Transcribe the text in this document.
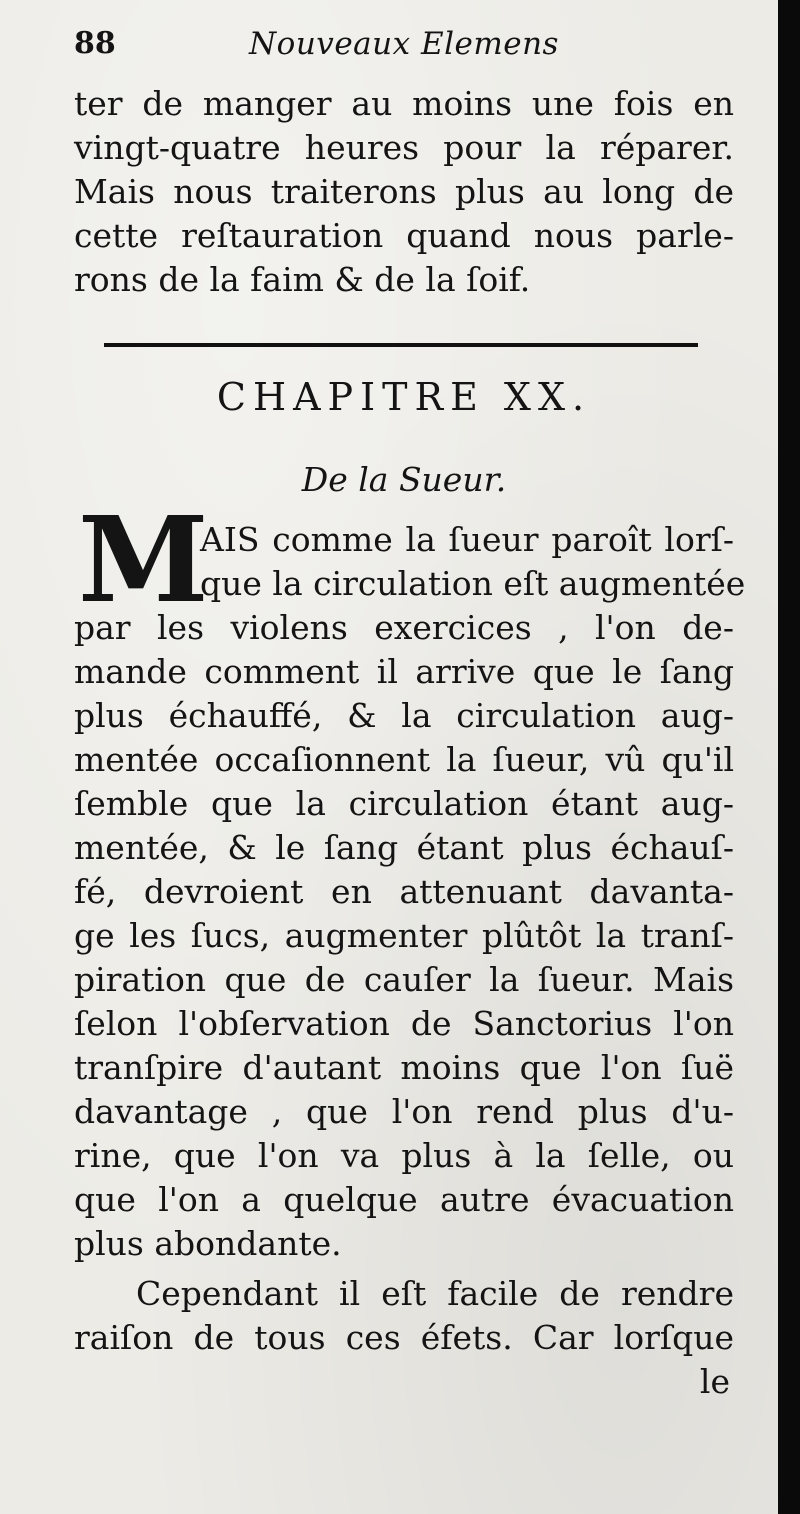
88	Nouveaux Elemens
ter de manger au moins une fois en
vingt-quatre heures pour la réparer.
Mais nous traiterons plus au long de
cette reſtauration quand nous parle-
rons de la faim & de la ſoif.
CHAPITRE XX.
De la Sueur.
M
AIS comme la ſueur paroît lorſ-
que la circulation eſt augmentée
par les violens exercices , l'on de-
mande comment il arrive que le ſang
plus échauffé, & la circulation aug-
mentée occaſionnent la ſueur, vû qu'il
ſemble que la circulation étant aug-
mentée, & le ſang étant plus échauſ-
fé, devroient en attenuant davanta-
ge les ſucs, augmenter plûtôt la tranſ-
piration que de cauſer la ſueur. Mais
ſelon l'obſervation de Sanctorius l'on
tranſpire d'autant moins que l'on ſuë
davantage , que l'on rend plus d'u-
rine, que l'on va plus à la ſelle, ou
que l'on a quelque autre évacuation
plus abondante.
Cependant il eſt facile de rendre
raiſon de tous ces éfets. Car lorſque
le
